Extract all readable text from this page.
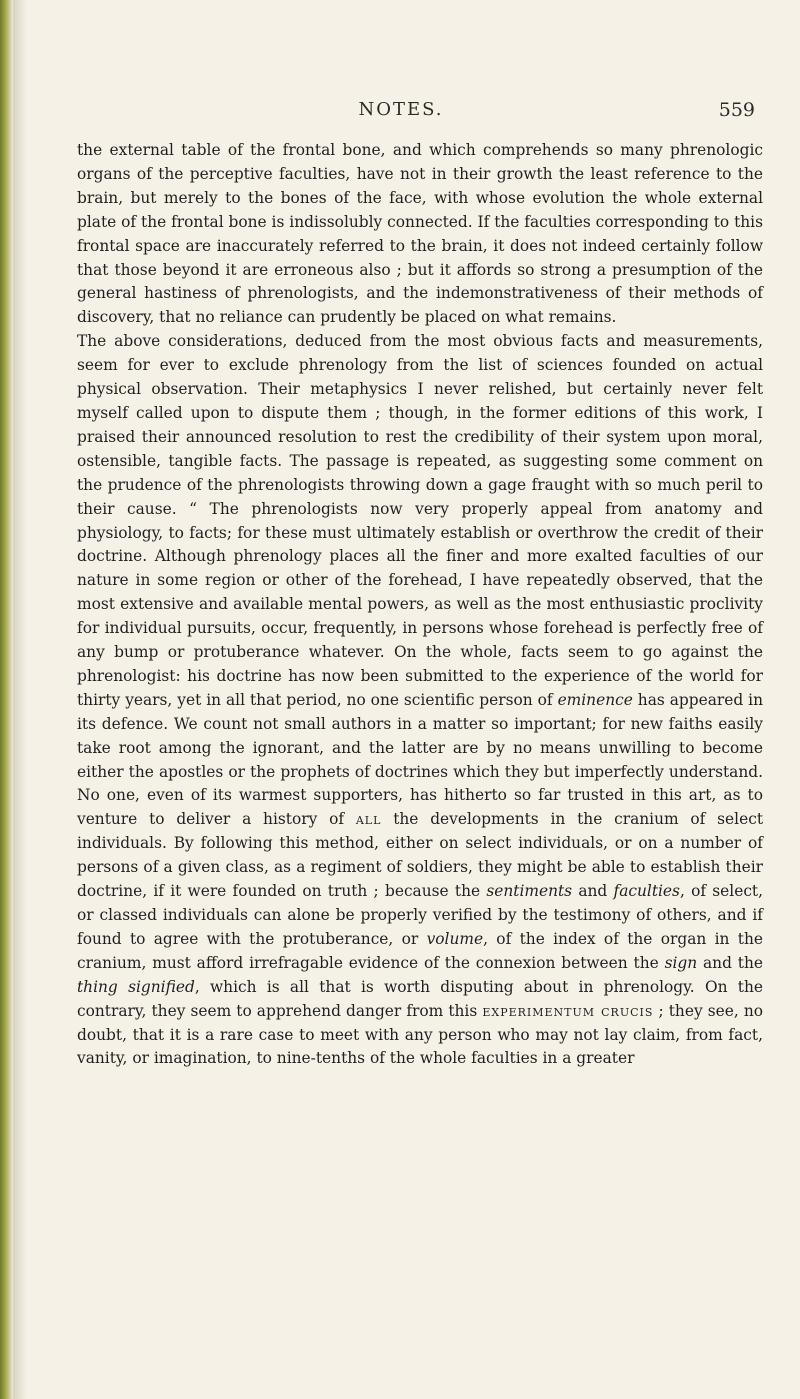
NOTES.	559

the external table of the frontal bone, and which comprehends so many phrenologic organs of the perceptive faculties, have not in their growth the least reference to the brain, but merely to the bones of the face, with whose evolution the whole external plate of the frontal bone is indissolubly connected. If the faculties corresponding to this frontal space are inaccurately referred to the brain, it does not indeed certainly follow that those beyond it are erroneous also ; but it affords so strong a presumption of the general hastiness of phrenologists, and the indemonstrativeness of their methods of discovery, that no reliance can prudently be placed on what remains.

The above considerations, deduced from the most obvious facts and measurements, seem for ever to exclude phrenology from the list of sciences founded on actual physical observation. Their metaphysics I never relished, but certainly never felt myself called upon to dispute them ; though, in the former editions of this work, I praised their announced resolution to rest the credibility of their system upon moral, ostensible, tangible facts. The passage is repeated, as suggesting some comment on the prudence of the phrenologists throwing down a gage fraught with so much peril to their cause. “ The phrenologists now very properly appeal from anatomy and physiology, to facts; for these must ultimately establish or overthrow the credit of their doctrine. Although phrenology places all the finer and more exalted faculties of our nature in some region or other of the forehead, I have repeatedly observed, that the most extensive and available mental powers, as well as the most enthusiastic proclivity for individual pursuits, occur, frequently, in persons whose forehead is perfectly free of any bump or protuberance whatever. On the whole, facts seem to go against the phrenologist: his doctrine has now been submitted to the experience of the world for thirty years, yet in all that period, no one scientific person of eminence has appeared in its defence. We count not small authors in a matter so important; for new faiths easily take root among the ignorant, and the latter are by no means unwilling to become either the apostles or the prophets of doctrines which they but imperfectly understand. No one, even of its warmest supporters, has hitherto so far trusted in this art, as to venture to deliver a history of all the developments in the cranium of select individuals. By following this method, either on select individuals, or on a number of persons of a given class, as a regiment of soldiers, they might be able to establish their doctrine, if it were founded on truth ; because the sentiments and faculties, of select, or classed individuals can alone be properly verified by the testimony of others, and if found to agree with the protuberance, or volume, of the index of the organ in the cranium, must afford irrefragable evidence of the connexion between the sign and the thing signified, which is all that is worth disputing about in phrenology. On the contrary, they seem to apprehend danger from this experimentum crucis ; they see, no doubt, that it is a rare case to meet with any person who may not lay claim, from fact, vanity, or imagination, to nine-tenths of the whole faculties in a greater
